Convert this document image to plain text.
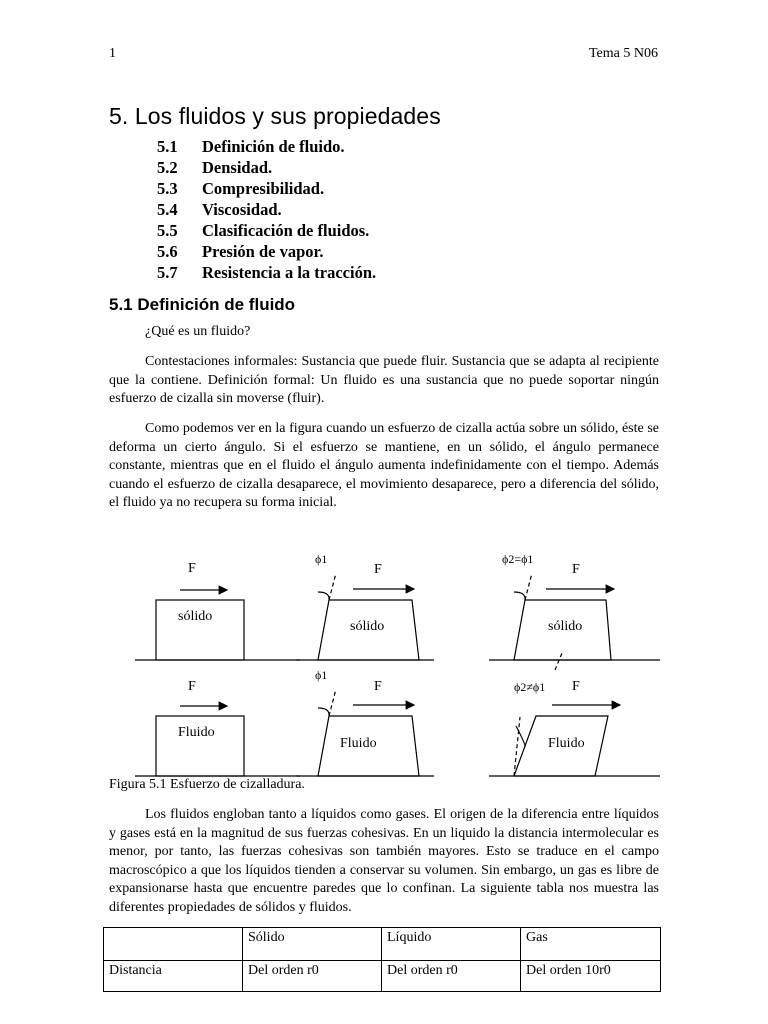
1	Tema 5 N06
5. Los fluidos y sus propiedades
5.1 Definición de fluido.
5.2 Densidad.
5.3 Compresibilidad.
5.4 Viscosidad.
5.5 Clasificación de fluidos.
5.6 Presión de vapor.
5.7 Resistencia a la tracción.
5.1 Definición de fluido

¿Qué es un fluido?

Contestaciones informales: Sustancia que puede fluir. Sustancia que se adapta al recipiente que la contiene. Definición formal: Un fluido es una sustancia que no puede soportar ningún esfuerzo de cizalla sin moverse (fluir).

Como podemos ver en la figura cuando un esfuerzo de cizalla actúa sobre un sólido, éste se deforma un cierto ángulo. Si el esfuerzo se mantiene, en un sólido, el ángulo permanece constante, mientras que en el fluido el ángulo aumenta indefinidamente con el tiempo. Además cuando el esfuerzo de cizalla desaparece, el movimiento desaparece, pero a diferencia del sólido, el fluido ya no recupera su forma inicial.

F	F	F
F	F	F
sólido
sólido	sólido
Fluido
Fluido	Fluido
ϕ1	ϕ2=ϕ1
ϕ1
ϕ2≠ϕ1
Figura 5.1 Esfuerzo de cizalladura.

Los fluidos engloban tanto a líquidos como gases. El origen de la diferencia entre líquidos y gases está en la magnitud de sus fuerzas cohesivas. En un liquido la distancia intermolecular es menor, por tanto, las fuerzas cohesivas son también mayores. Esto se traduce en el campo macroscópico a que los líquidos tienden a conservar su volumen. Sin embargo, un gas es libre de expansionarse hasta que encuentre paredes que lo confinan. La siguiente tabla nos muestra las diferentes propiedades de sólidos y fluidos.

	Sólido	Líquido	Gas
Distancia	Del orden r0	Del orden r0	Del orden 10r0
